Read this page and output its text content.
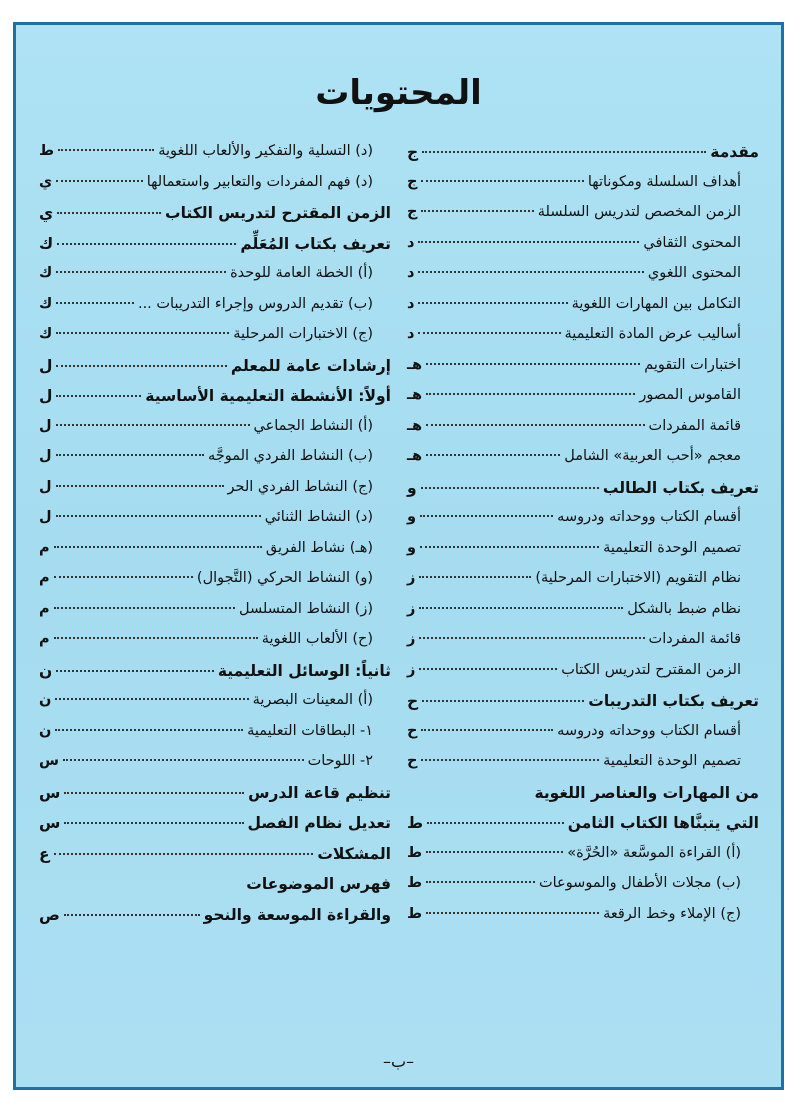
المحتويات
مقدمة
ج
أهداف السلسلة ومكوناتها
ج
الزمن المخصص لتدريس السلسلة
ج
المحتوى الثقافي
د
المحتوى اللغوي
د
التكامل بين المهارات اللغوية
د
أساليب عرض المادة التعليمية
د
اختبارات التقويم
هـ
القاموس المصور
هـ
قائمة المفردات
هـ
معجم «أحب العربية» الشامل
هـ
تعريف بكتاب الطالب
و
أقسام الكتاب ووحداته ودروسه
و
تصميم الوحدة التعليمية
و
نظام التقويم (الاختبارات المرحلية)
ز
نظام ضبط بالشكل
ز
قائمة المفردات
ز
الزمن المقترح لتدريس الكتاب
ز
تعريف بكتاب التدريبات
ح
أقسام الكتاب ووحداته ودروسه
ح
تصميم الوحدة التعليمية
ح
من المهارات والعناصر اللغوية
التي يتبنَّاها الكتاب الثامن
ط
(أ) القراءة الموسَّعة «الحُرَّة»
ط
(ب) مجلات الأطفال والموسوعات
ط
(ج) الإملاء وخط الرقعة
ط
(د) التسلية والتفكير والألعاب اللغوية
ط
(د) فهم المفردات والتعابير واستعمالها
ي
الزمن المقترح لتدريس الكتاب
ي
تعريف بكتاب المُعَلِّم
ك
(أ) الخطة العامة للوحدة
ك
(ب) تقديم الدروس وإجراء التدريبات ...
ك
(ج) الاختبارات المرحلية
ك
إرشادات عامة للمعلم
ل
أولاً: الأنشطة التعليمية الأساسية
ل
(أ) النشاط الجماعي
ل
(ب) النشاط الفردي الموجَّه
ل
(ج) النشاط الفردي الحر
ل
(د) النشاط الثنائي
ل
(هـ) نشاط الفريق
م
(و) النشاط الحركي (التَّجوال)
م
(ز) النشاط المتسلسل
م
(ح) الألعاب اللغوية
م
ثانياً: الوسائل التعليمية
ن
(أ) المعينات البصرية
ن
١- البطاقات التعليمية
ن
٢- اللوحات
س
تنظيم قاعة الدرس
س
تعديل نظام الفصل
س
المشكلات
ع
فهرس الموضوعات
والقراءة الموسعة والنحو
ص
–ب–
